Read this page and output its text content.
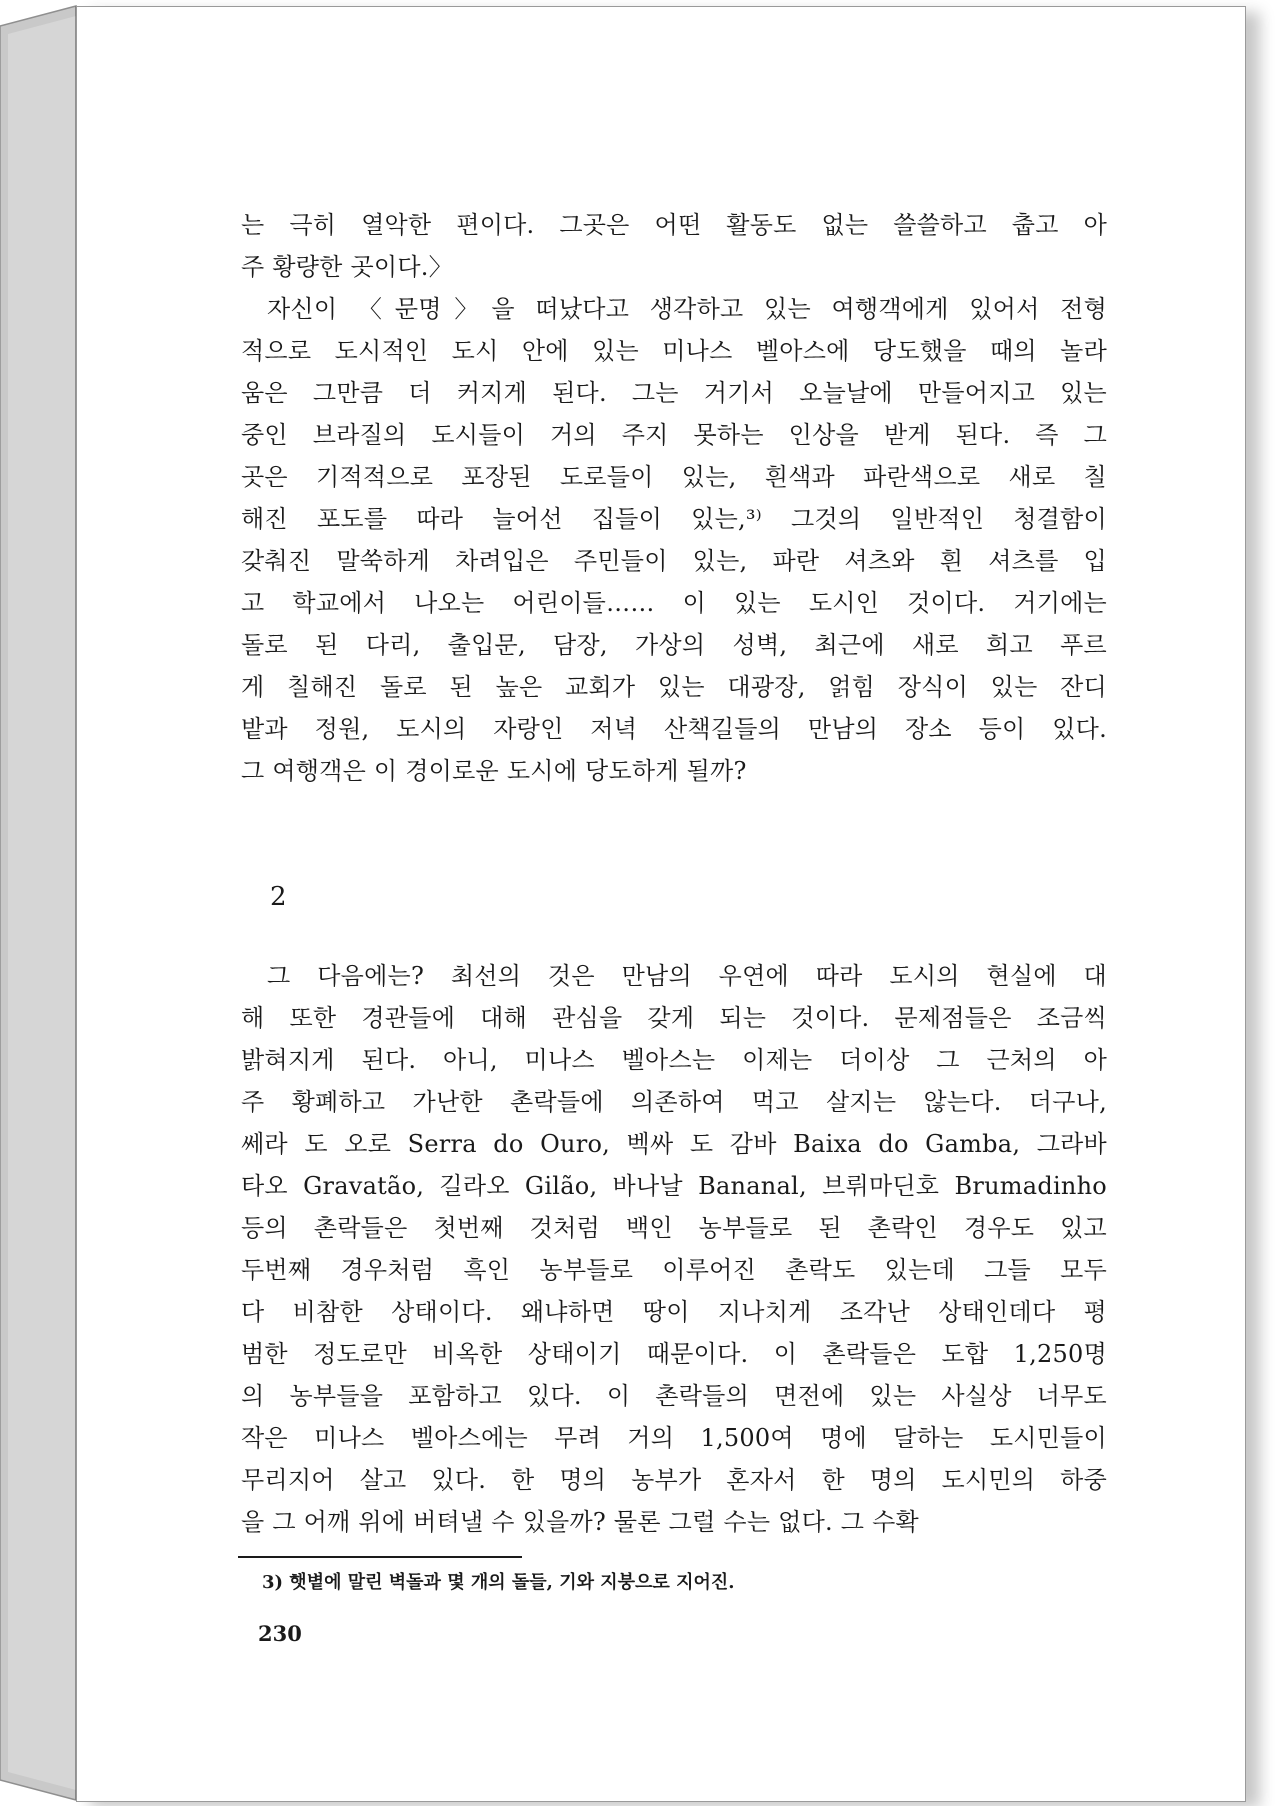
는 극히 열악한 편이다. 그곳은 어떤 활동도 없는 쓸쓸하고 춥고 아
주 황량한 곳이다.〉
자신이 〈문명〉을 떠났다고 생각하고 있는 여행객에게 있어서 전형
적으로 도시적인 도시 안에 있는 미나스 벨아스에 당도했을 때의 놀라
움은 그만큼 더 커지게 된다. 그는 거기서 오늘날에 만들어지고 있는
중인 브라질의 도시들이 거의 주지 못하는 인상을 받게 된다. 즉 그
곳은 기적적으로 포장된 도로들이 있는, 흰색과 파란색으로 새로 칠
해진 포도를 따라 늘어선 집들이 있는,³⁾ 그것의 일반적인 청결함이
갖춰진 말쑥하게 차려입은 주민들이 있는, 파란 셔츠와 흰 셔츠를 입
고 학교에서 나오는 어린이들…… 이 있는 도시인 것이다. 거기에는
돌로 된 다리, 출입문, 담장, 가상의 성벽, 최근에 새로 희고 푸르
게 칠해진 돌로 된 높은 교회가 있는 대광장, 얽힘 장식이 있는 잔디
밭과 정원, 도시의 자랑인 저녁 산책길들의 만남의 장소 등이 있다.
그 여행객은 이 경이로운 도시에 당도하게 될까?
2
그 다음에는? 최선의 것은 만남의 우연에 따라 도시의 현실에 대
해 또한 경관들에 대해 관심을 갖게 되는 것이다. 문제점들은 조금씩
밝혀지게 된다. 아니, 미나스 벨아스는 이제는 더이상 그 근처의 아
주 황폐하고 가난한 촌락들에 의존하여 먹고 살지는 않는다. 더구나,
쎄라 도 오로 Serra do Ouro, 벡싸 도 감바 Baixa do Gamba, 그라바
타오 Gravatão, 길라오 Gilão, 바나날 Bananal, 브뤼마딘호 Brumadinho
등의 촌락들은 첫번째 것처럼 백인 농부들로 된 촌락인 경우도 있고
두번째 경우처럼 흑인 농부들로 이루어진 촌락도 있는데 그들 모두
다 비참한 상태이다. 왜냐하면 땅이 지나치게 조각난 상태인데다 평
범한 정도로만 비옥한 상태이기 때문이다. 이 촌락들은 도합 1,250명
의 농부들을 포함하고 있다. 이 촌락들의 면전에 있는 사실상 너무도
작은 미나스 벨아스에는 무려 거의 1,500여 명에 달하는 도시민들이
무리지어 살고 있다. 한 명의 농부가 혼자서 한 명의 도시민의 하중
을 그 어깨 위에 버텨낼 수 있을까? 물론 그럴 수는 없다. 그 수확
3) 햇볕에 말린 벽돌과 몇 개의 돌들, 기와 지붕으로 지어진.
230
